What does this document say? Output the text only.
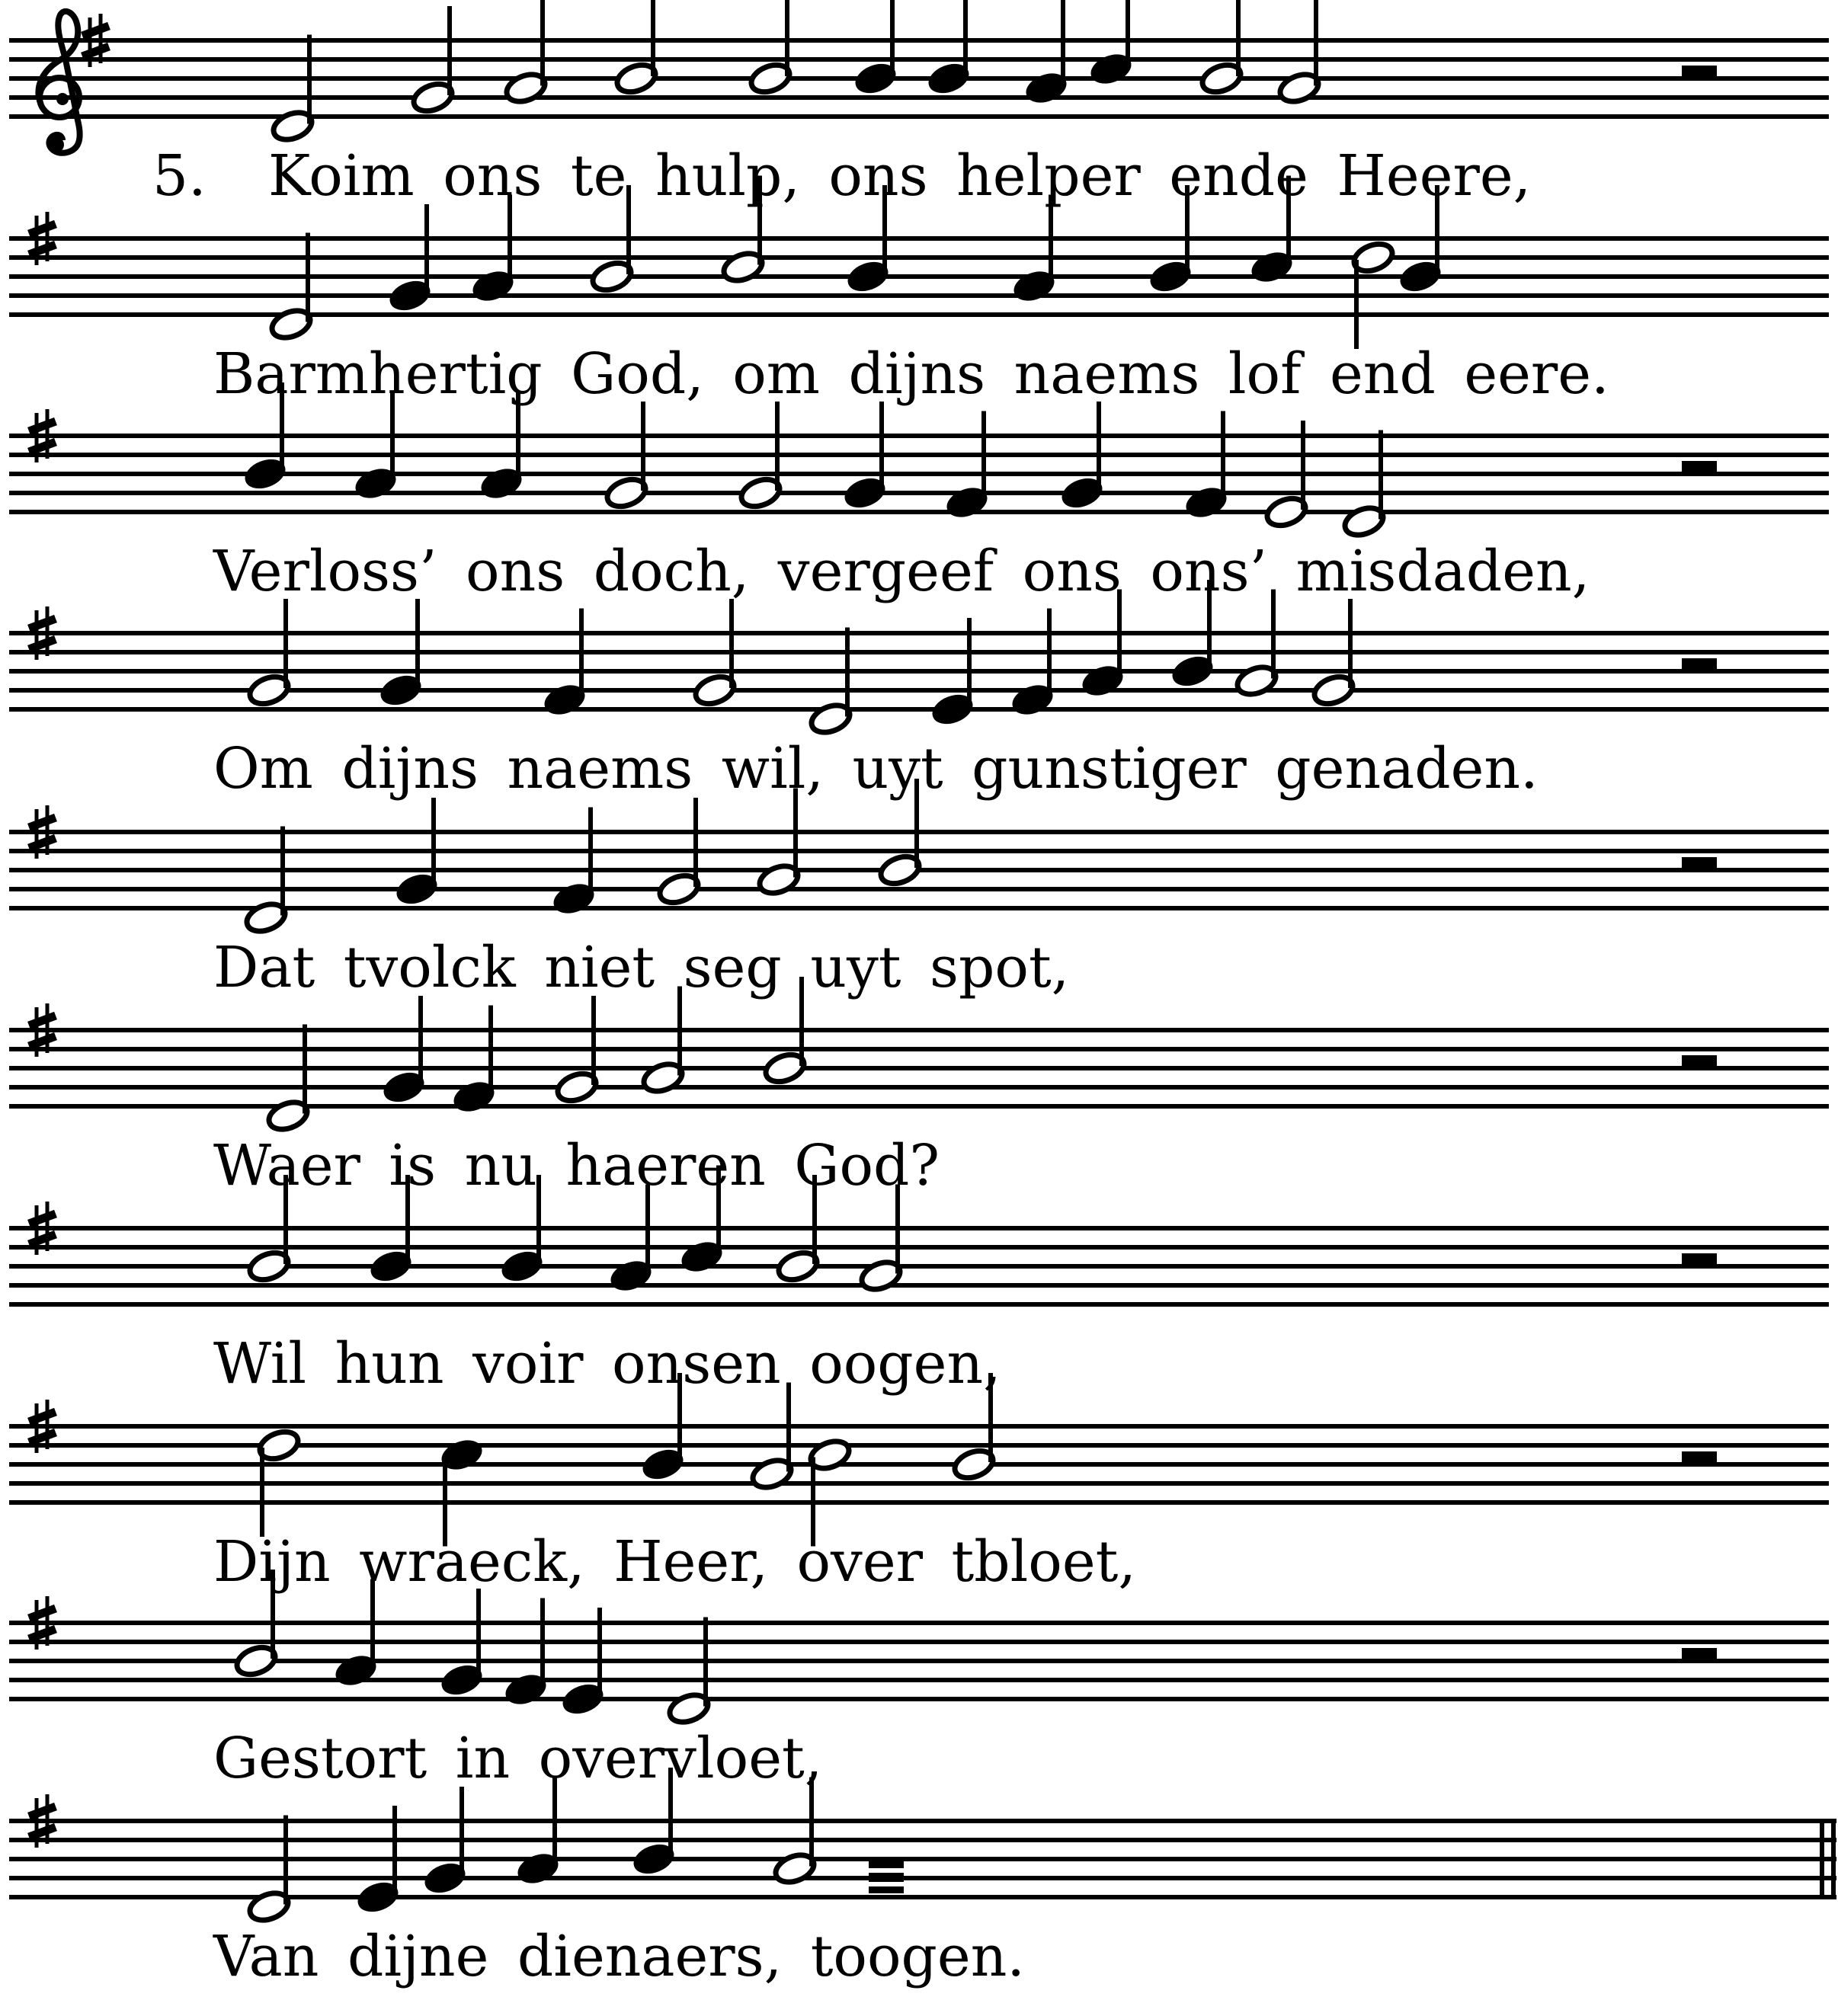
5. Koim ons te hulp, ons helper ende Heere,
Barmhertig God, om dijns naems lof end eere.
Verloss’ ons doch, vergeef ons ons’ misdaden,
Om dijns naems wil, uyt gunstiger genaden.
Dat tvolck niet seg uyt spot,
Waer is nu haeren God?
Wil hun voir onsen oogen,
Dijn wraeck, Heer, over tbloet,
Gestort in overvloet,
Van dijne dienaers, toogen.
